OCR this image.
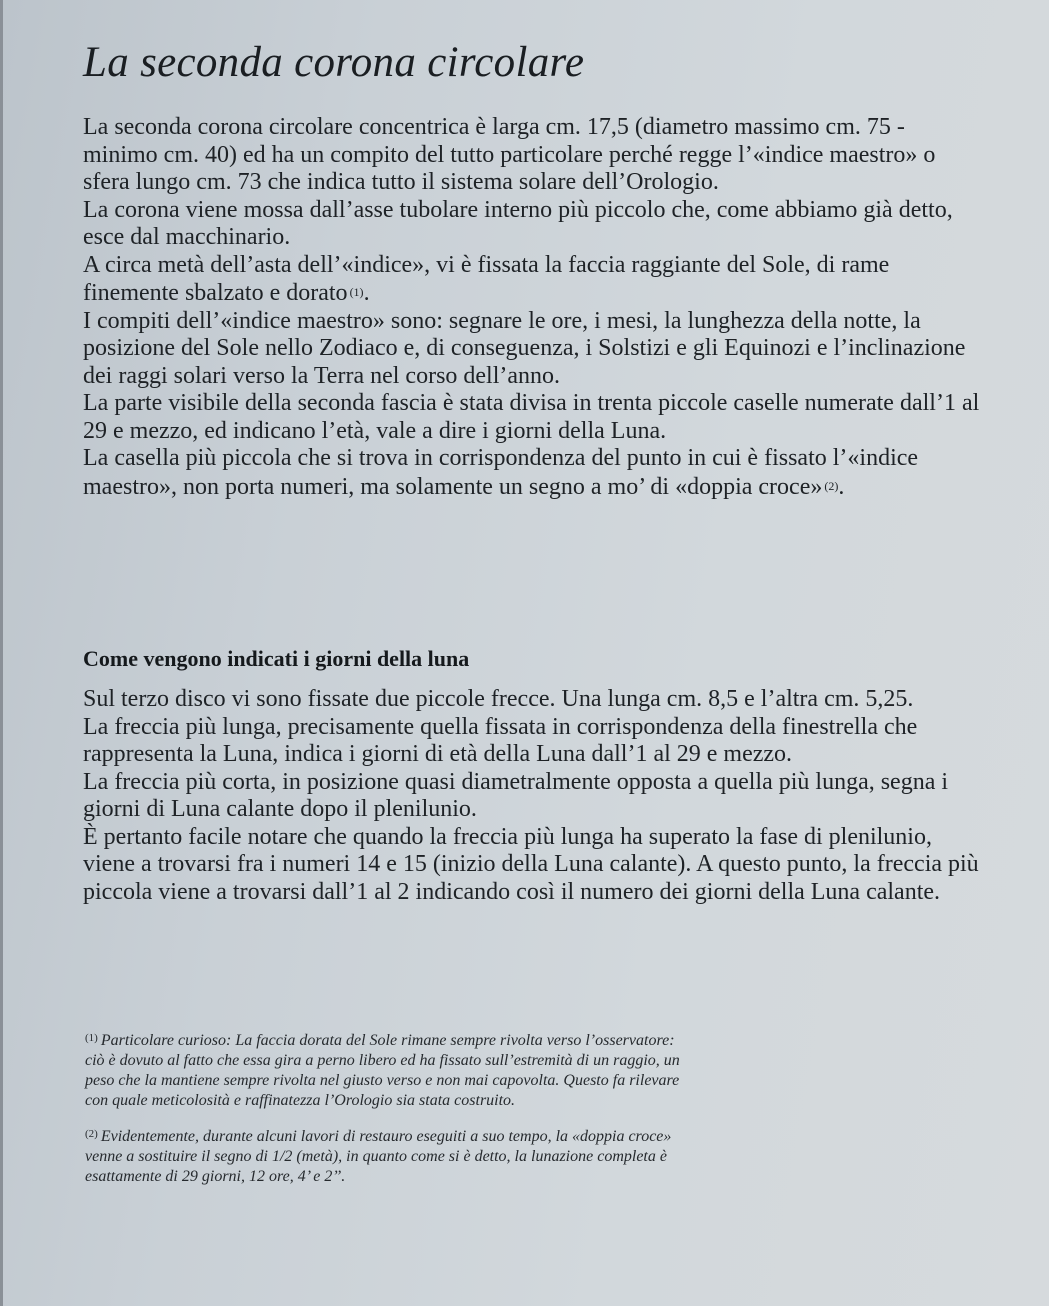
La seconda corona circolare

La seconda corona circolare concentrica è larga cm. 17,5 (diametro massimo cm. 75 - minimo cm. 40) ed ha un compito del tutto particolare perché regge l’«indice maestro» o sfera lungo cm. 73 che indica tutto il sistema solare dell’Orologio.

La corona viene mossa dall’asse tubolare interno più piccolo che, come abbiamo già detto, esce dal macchinario.

A circa metà dell’asta dell’«indice», vi è fissata la faccia raggiante del Sole, di rame finemente sbalzato e dorato $^{(1)}$.

I compiti dell’«indice maestro» sono: segnare le ore, i mesi, la lunghezza della notte, la posizione del Sole nello Zodiaco e, di conseguenza, i Solstizi e gli Equinozi e l’inclinazione dei raggi solari verso la Terra nel corso dell’anno.

La parte visibile della seconda fascia è stata divisa in trenta piccole caselle numerate dall’1 al 29 e mezzo, ed indicano l’età, vale a dire i giorni della Luna.

La casella più piccola che si trova in corrispondenza del punto in cui è fissato l’«indice maestro», non porta numeri, ma solamente un segno a mo’ di «doppia croce» $^{(2)}$.

Come vengono indicati i giorni della luna

Sul terzo disco vi sono fissate due piccole frecce. Una lunga cm. 8,5 e l’altra cm. 5,25.

La freccia più lunga, precisamente quella fissata in corrispondenza della finestrella che rappresenta la Luna, indica i giorni di età della Luna dall’1 al 29 e mezzo.

La freccia più corta, in posizione quasi diametralmente opposta a quella più lunga, segna i giorni di Luna calante dopo il plenilunio.

È pertanto facile notare che quando la freccia più lunga ha superato la fase di plenilunio, viene a trovarsi fra i numeri 14 e 15 (inizio della Luna calante). A questo punto, la freccia più piccola viene a trovarsi dall’1 al 2 indicando così il numero dei giorni della Luna calante.

$^{(1)}$ Particolare curioso: La faccia dorata del Sole rimane sempre rivolta verso l’osservatore: ciò è dovuto al fatto che essa gira a perno libero ed ha fissato sull’estremità di un raggio, un peso che la mantiene sempre rivolta nel giusto verso e non mai capovolta. Questo fa rilevare con quale meticolosità e raffinatezza l’Orologio sia stata costruito.

$^{(2)}$ Evidentemente, durante alcuni lavori di restauro eseguiti a suo tempo, la «doppia croce» venne a sostituire il segno di 1/2 (metà), in quanto come si è detto, la lunazione completa è esattamente di 29 giorni, 12 ore, 4’ e 2’’.
